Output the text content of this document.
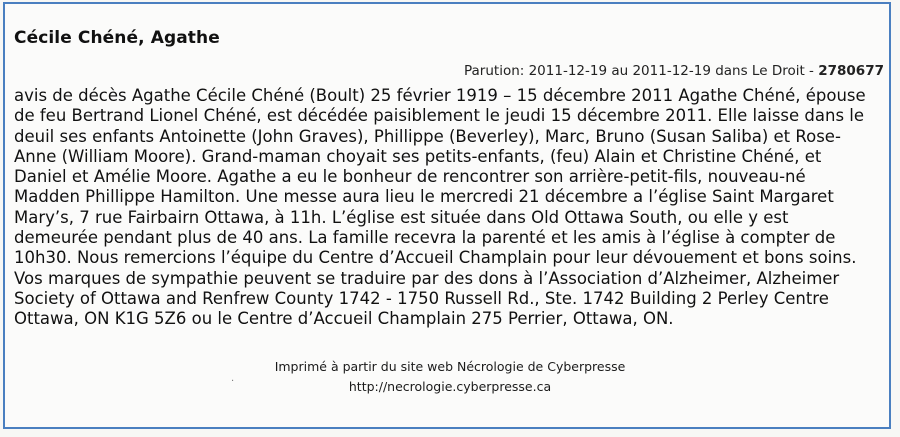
Cécile Chéné, Agathe
Parution: 2011-12-19 au 2011-12-19 dans Le Droit - 2780677
avis de décès Agathe Cécile Chéné (Boult) 25 février 1919 – 15 décembre 2011 Agathe Chéné, épouse
de feu Bertrand Lionel Chéné, est décédée paisiblement le jeudi 15 décembre 2011. Elle laisse dans le
deuil ses enfants Antoinette (John Graves), Phillippe (Beverley), Marc, Bruno (Susan Saliba) et Rose-
Anne (William Moore). Grand-maman choyait ses petits-enfants, (feu) Alain et Christine Chéné, et
Daniel et Amélie Moore. Agathe a eu le bonheur de rencontrer son arrière-petit-fils, nouveau-né
Madden Phillippe Hamilton. Une messe aura lieu le mercredi 21 décembre a l’église Saint Margaret
Mary’s, 7 rue Fairbairn Ottawa, à 11h. L’église est située dans Old Ottawa South, ou elle y est
demeurée pendant plus de 40 ans. La famille recevra la parenté et les amis à l’église à compter de
10h30. Nous remercions l’équipe du Centre d’Accueil Champlain pour leur dévouement et bons soins.
Vos marques de sympathie peuvent se traduire par des dons à l’Association d’Alzheimer, Alzheimer
Society of Ottawa and Renfrew County 1742 - 1750 Russell Rd., Ste. 1742 Building 2 Perley Centre
Ottawa, ON K1G 5Z6 ou le Centre d’Accueil Champlain 275 Perrier, Ottawa, ON.
·
Imprimé à partir du site web Nécrologie de Cyberpresse
http://necrologie.cyberpresse.ca
